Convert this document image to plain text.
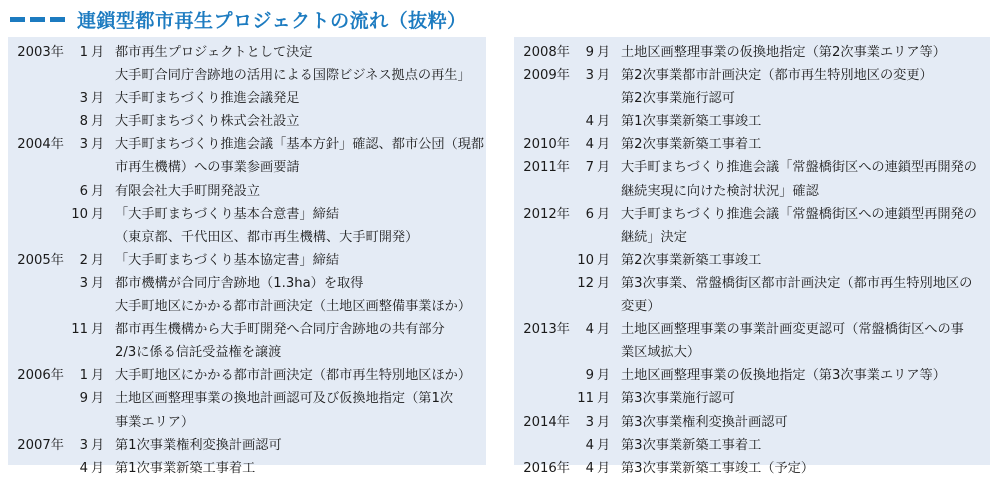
連鎖型都市再生プロジェクトの流れ（抜粋）
2003年	1 月 都市再生プロジェクトとして決定
大手町合同庁舎跡地の活用による国際ビジネス拠点の再生」
3 月 大手町まちづくり推進会議発足
8 月 大手町まちづくり株式会社設立
2004年	3 月 大手町まちづくり推進会議「基本方針」確認、都市公団（現都
市再生機構）への事業参画要請
6 月 有限会社大手町開発設立
10 月 「大手町まちづくり基本合意書」締結
（東京都、千代田区、都市再生機構、大手町開発）
2005年	2 月 「大手町まちづくり基本協定書」締結
3 月 都市機構が合同庁舎跡地（1.3ha）を取得
大手町地区にかかる都市計画決定（土地区画整備事業ほか）
11 月 都市再生機構から大手町開発へ合同庁舎跡地の共有部分
2/3に係る信託受益権を譲渡
2006年	1 月 大手町地区にかかる都市計画決定（都市再生特別地区ほか）
9 月 土地区画整理事業の換地計画認可及び仮換地指定（第1次
事業エリア）
2007年	3 月 第1次事業権利変換計画認可
4 月 第1次事業新築工事着工
2008年	9 月 土地区画整理事業の仮換地指定（第2次事業エリア等）
2009年	3 月 第2次事業都市計画決定（都市再生特別地区の変更）
第2次事業施行認可
4 月 第1次事業新築工事竣工
2010年	4 月 第2次事業新築工事着工
2011年	7 月 大手町まちづくり推進会議「常盤橋街区への連鎖型再開発の
継続実現に向けた検討状況」確認
2012年	6 月 大手町まちづくり推進会議「常盤橋街区への連鎖型再開発の
継続」決定
10 月 第2次事業新築工事竣工
12 月 第3次事業、常盤橋街区都市計画決定（都市再生特別地区の
変更）
2013年	4 月 土地区画整理事業の事業計画変更認可（常盤橋街区への事
業区域拡大）
9 月 土地区画整理事業の仮換地指定（第3次事業エリア等）
11 月 第3次事業施行認可
2014年	3 月 第3次事業権利変換計画認可
4 月 第3次事業新築工事着工
2016年	4 月 第3次事業新築工事竣工（予定）
